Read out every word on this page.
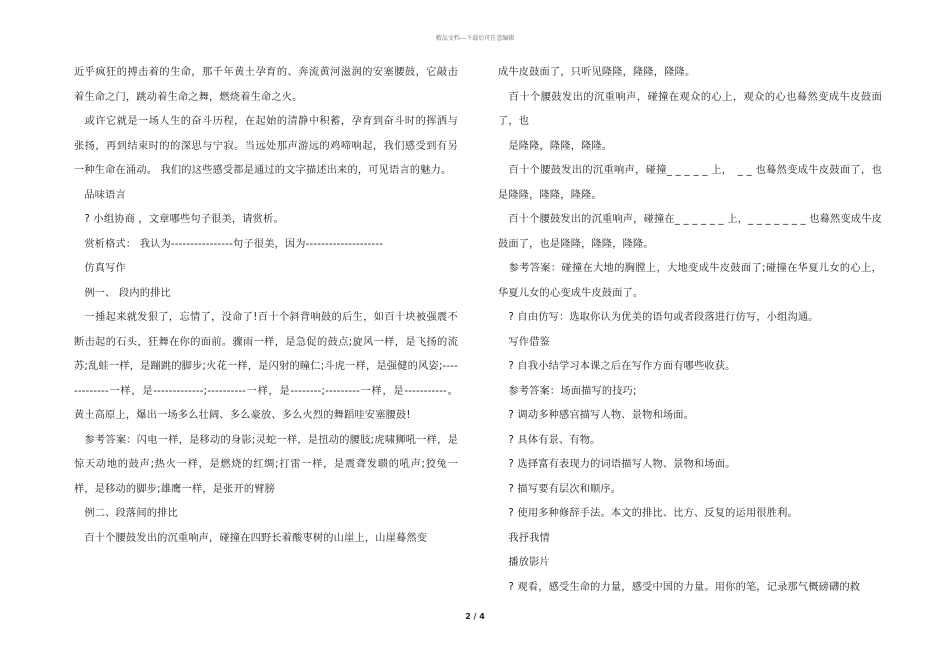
精品文档---下载后可任意编辑

近乎疯狂的搏击着的生命，那千年黄土孕育的、奔流黄河滋润的安塞腰鼓，它敲击着生命之门，跳动着生命之舞，燃烧着生命之火。

　或许它就是一场人生的奋斗历程，在起始的清静中积蓄，孕育到奋斗时的挥洒与张扬，再到结束时的的深思与宁寂。当远处那声游远的鸡啼响起，我们感受到有另一种生命在涌动。 我们的这些感受都是通过的文字描述出来的，可见语言的魅力。

　品味语言

　? 小组协商 ，文章哪些句子很美，请赏析。

　赏析格式： 我认为----------------句子很美，因为--------------------

　仿真写作

　例一、 段内的排比

　一捶起来就发狠了，忘情了，没命了!百十个斜背响鼓的后生，如百十块被强震不断击起的石头，狂舞在你的面前。骤雨一样，是急促的鼓点;旋风一样，是飞扬的流苏;乱蛙一样，是蹦跳的脚步;火花一样，是闪射的瞳仁;斗虎一样，是强健的风姿;-------------一样，是-------------;----------一样，是--------;---------一样，是-----------。黄土高原上，爆出一场多么壮阔、多么豪放、多么火烈的舞蹈哇安塞腰鼓!

　参考答案：闪电一样，是移动的身影;灵蛇一样，是扭动的腰肢;虎啸狮吼一样，是惊天动地的鼓声;热火一样，是燃烧的红绸;打雷一样，是震聋发聩的吼声;狡兔一样，是移动的脚步;雄鹰一样，是张开的臂膀

　例二、段落间的排比

　百十个腰鼓发出的沉重响声，碰撞在四野长着酸枣树的山崖上，山崖蓦然变

成牛皮鼓面了，只听见隆隆，隆隆，隆隆。

　百十个腰鼓发出的沉重响声，碰撞在观众的心上，观众的心也蓦然变成牛皮鼓面了，也

　是隆隆，隆隆，隆隆。

　百十个腰鼓发出的沉重响声，碰撞_ _ _ _ _ 上，　_ _ 也蓦然变成牛皮鼓面了，也是隆隆，隆隆，隆隆。

　百十个腰鼓发出的沉重响声，碰撞在_ _ _ _ _ _ 上，_ _ _ _ _ _ _ 也蓦然变成牛皮鼓面了，也是隆隆，隆隆，隆隆。

　参考答案：碰撞在大地的胸膛上，大地变成牛皮鼓面了;碰撞在华夏儿女的心上，华夏儿女的心变成牛皮鼓面了。

　? 自由仿写：选取你认为优美的语句或者段落进行仿写，小组沟通。

　写作借鉴

　? 自我小结学习本课之后在写作方面有哪些收获。

　参考答案：场面描写的技巧;

　? 调动多种感官描写人物、景物和场面。

　? 具体有景、有物。

　? 选择富有表现力的词语描写人物、景物和场面。

　? 描写要有层次和顺序。

　? 使用多种修辞手法。本文的排比、比方、反复的运用很胜利。

　我抒我情

　播放影片

　? 观看，感受生命的力量，感受中国的力量。用你的笔，记录那气概磅礴的救

2 / 4
